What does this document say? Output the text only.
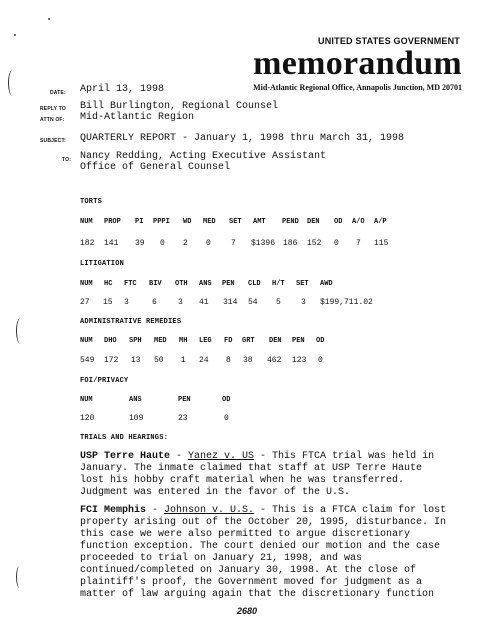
UNITED STATES GOVERNMENT
memorandum
Mid-Atlantic Regional Office, Annapolis Junction, MD 20701
DATE: April 13, 1998
REPLY TO
ATTN OF:
Bill Burlington, Regional Counsel
Mid-Atlantic Region
SUBJECT: QUARTERLY REPORT - January 1, 1998 thru March 31, 1998
TO: Nancy Redding, Acting Executive Assistant
Office of General Counsel
TORTS
NUM PROP PI PPPI WD MED SET AMT PEND DEN OD A/O A/P
182 141 39 0 2 0	7 $1396 186 152 0 7 115
LITIGATION
NUM HC FTC BIV OTH ANS PEN CLD H/T SET AWD
27 15 3	6	3 41 314 54 5	3 $199,711.02
ADMINISTRATIVE REMEDIES
NUM DHO SPH MED MH LEG FD GRT DEN PEN OD
549 172 13 50 1 24 8 38 462 123 0
FOI/PRIVACY
NUM	ANS	PEN	OD
120	109	23	0
TRIALS AND HEARINGS:
USP Terre Haute - Yanez v. US - This FTCA trial was held in
January. The inmate claimed that staff at USP Terre Haute
lost his hobby craft material when he was transferred.
Judgment was entered in the favor of the U.S.
FCI Memphis - Johnson v. U.S. - This is a FTCA claim for lost
property arising out of the October 20, 1995, disturbance. In
this case we were also permitted to argue discretionary
function exception. The court denied our motion and the case
proceeded to trial on January 21, 1998, and was
continued/completed on January 30, 1998. At the close of
plaintiff's proof, the Government moved for judgment as a
matter of law arguing again that the discretionary function
2680
